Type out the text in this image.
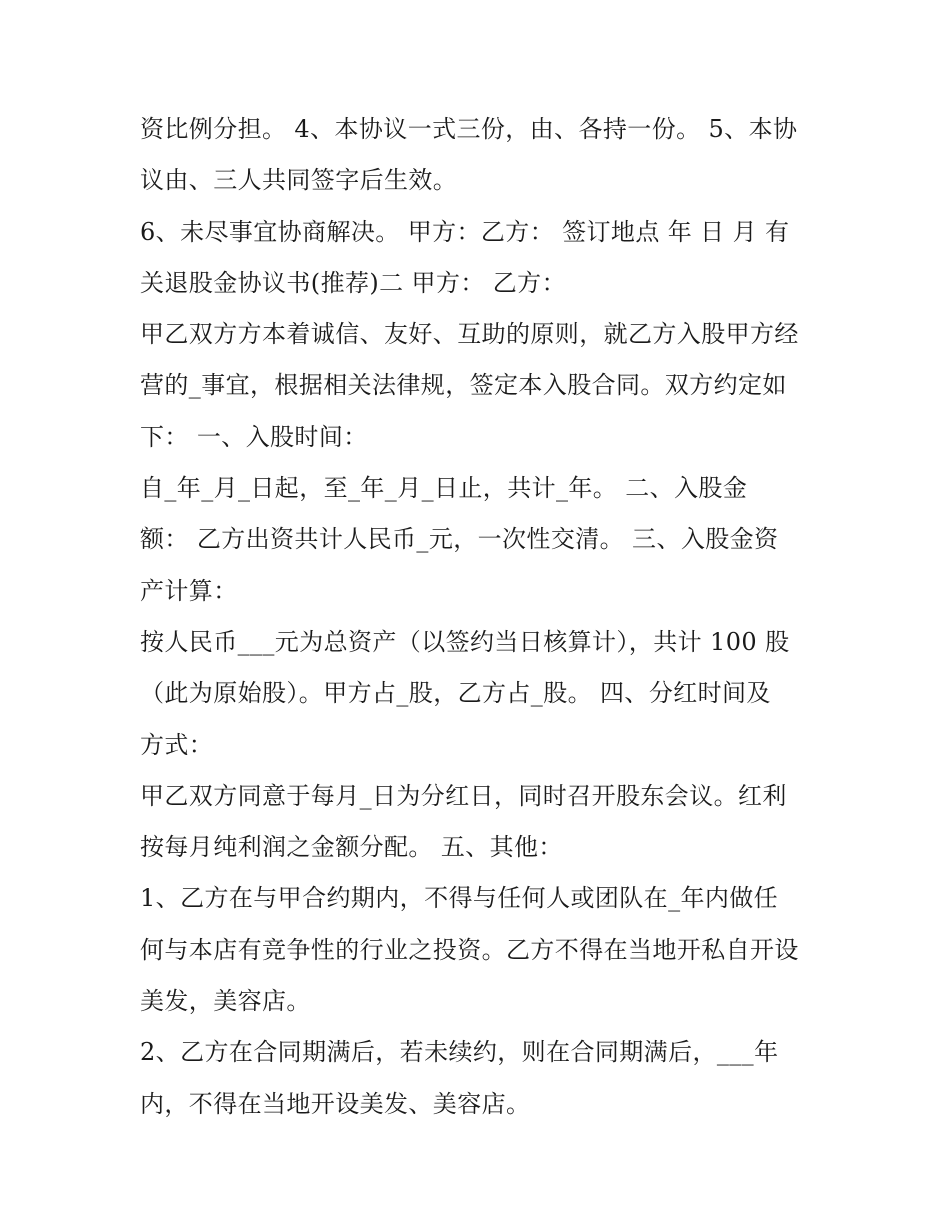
资比例分担。 4、本协议一式三份，由、各持一份。 5、本协
议由、三人共同签字后生效。
6、未尽事宜协商解决。 甲方：乙方： 签订地点 年 日 月 有
关退股金协议书(推荐)二 甲方： 乙方：
甲乙双方方本着诚信、友好、互助的原则，就乙方入股甲方经
营的_事宜，根据相关法律规，签定本入股合同。双方约定如
下： 一、入股时间：
自_年_月_日起，至_年_月_日止，共计_年。 二、入股金
额： 乙方出资共计人民币_元，一次性交清。 三、入股金资
产计算：
按人民币___元为总资产（以签约当日核算计），共计 100 股
（此为原始股）。甲方占_股，乙方占_股。 四、分红时间及
方式：
甲乙双方同意于每月_日为分红日，同时召开股东会议。红利
按每月纯利润之金额分配。 五、其他：
1、乙方在与甲合约期内，不得与任何人或团队在_年内做任
何与本店有竞争性的行业之投资。乙方不得在当地开私自开设
美发，美容店。
2、乙方在合同期满后，若未续约，则在合同期满后，___年
内，不得在当地开设美发、美容店。
